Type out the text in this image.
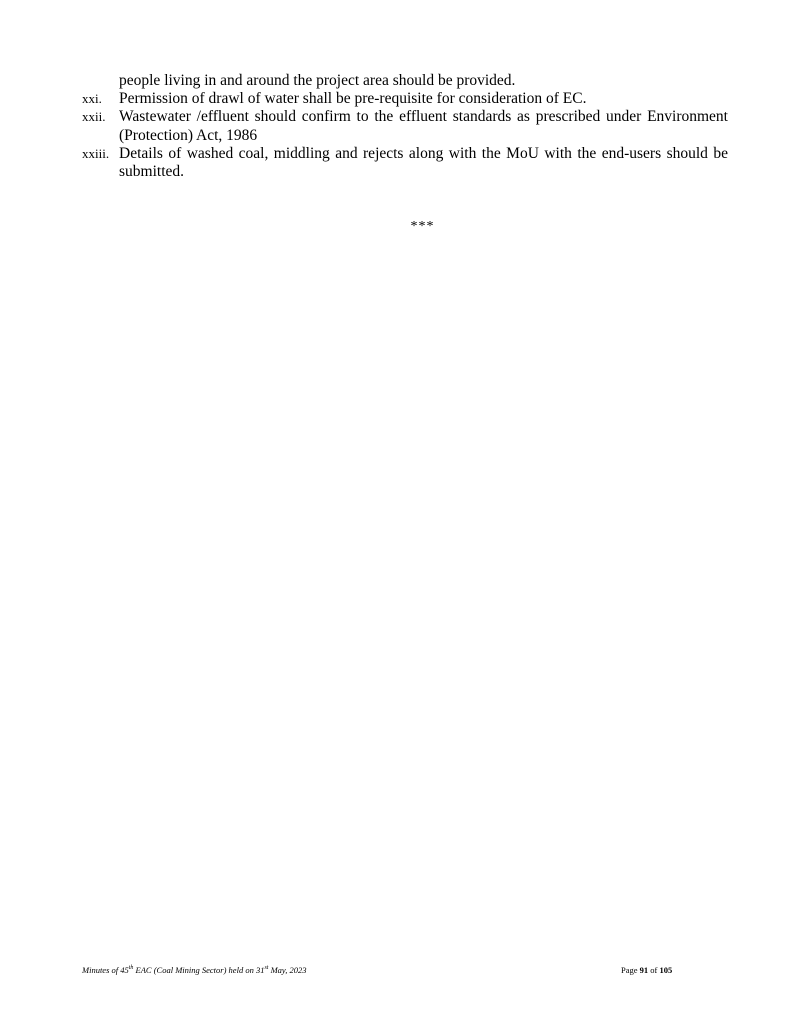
people living in and around the project area should be provided.

xxi.	Permission of drawl of water shall be pre-requisite for consideration of EC.
xxii. Wastewater /effluent should confirm to the effluent standards as prescribed under Environment (Protection) Act, 1986
xxiii. Details of washed coal, middling and rejects along with the MoU with the end-users should be submitted.
***
Minutes of 45th EAC (Coal Mining Sector) held on 31st May, 2023	Page 91 of 105
